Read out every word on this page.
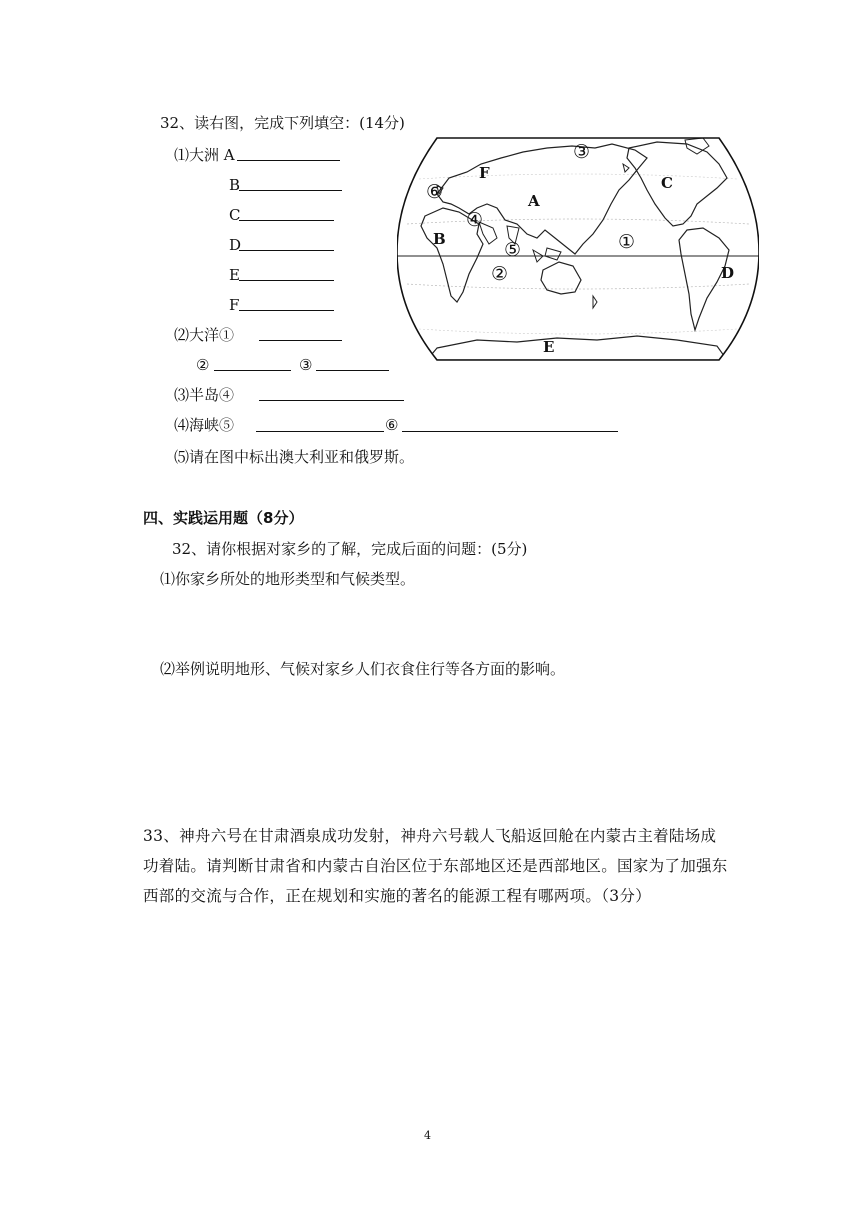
32、读右图，完成下列填空：(14分)
⑴大洲 A
B
C
D
E
F
⑵大洋①
②	③
⑶半岛④
⑷海峡⑤	⑥
⑸请在图中标出澳大利亚和俄罗斯。
A
B
C
D
E
F
①
②
③
④
⑤
⑥
四、实践运用题（8分）
32、请你根据对家乡的了解，完成后面的问题：(5分)
⑴你家乡所处的地形类型和气候类型。
⑵举例说明地形、气候对家乡人们衣食住行等各方面的影响。
33、神舟六号在甘肃酒泉成功发射，神舟六号载人飞船返回舱在内蒙古主着陆场成功着陆。请判断甘肃省和内蒙古自治区位于东部地区还是西部地区。国家为了加强东西部的交流与合作，正在规划和实施的著名的能源工程有哪两项。（3分）
4
